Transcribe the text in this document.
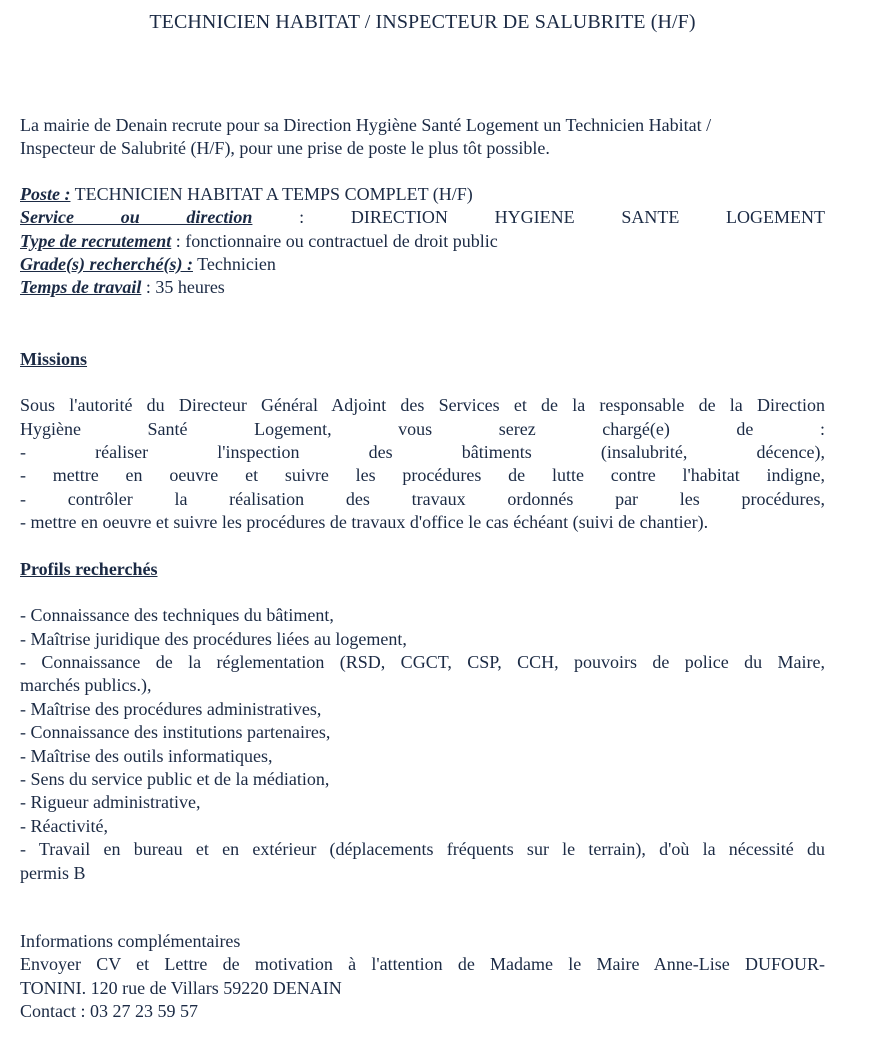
TECHNICIEN HABITAT / INSPECTEUR DE SALUBRITE (H/F)

La mairie de Denain recrute pour sa Direction Hygiène Santé Logement un Technicien Habitat /

Inspecteur de Salubrité (H/F), pour une prise de poste le plus tôt possible.

Poste : TECHNICIEN HABITAT A TEMPS COMPLET (H/F)

Service ou direction	:	DIRECTION HYGIENE SANTE LOGEMENT

Type de recrutement : fonctionnaire ou contractuel de droit public

Grade(s) recherché(s) : Technicien

Temps de travail : 35 heures

Missions

Sous l'autorité du Directeur Général Adjoint des Services et de la responsable de la Direction

Hygiène Santé Logement, vous serez chargé(e) de :

- réaliser l'inspection des bâtiments (insalubrité, décence),

- mettre en oeuvre et suivre les procédures de lutte contre l'habitat indigne,

- contrôler la réalisation des travaux ordonnés par les procédures,

- mettre en oeuvre et suivre les procédures de travaux d'office le cas échéant (suivi de chantier).

Profils recherchés

- Connaissance des techniques du bâtiment,

- Maîtrise juridique des procédures liées au logement,

- Connaissance de la réglementation (RSD, CGCT, CSP, CCH, pouvoirs de police du Maire,

marchés publics.),

- Maîtrise des procédures administratives,

- Connaissance des institutions partenaires,

- Maîtrise des outils informatiques,

- Sens du service public et de la médiation,

- Rigueur administrative,

- Réactivité,

- Travail en bureau et en extérieur (déplacements fréquents sur le terrain), d'où la nécessité du

permis B

Informations complémentaires

Envoyer CV et Lettre de motivation à l'attention de Madame le Maire Anne-Lise DUFOUR-

TONINI. 120 rue de Villars 59220 DENAIN

Contact : 03 27 23 59 57
